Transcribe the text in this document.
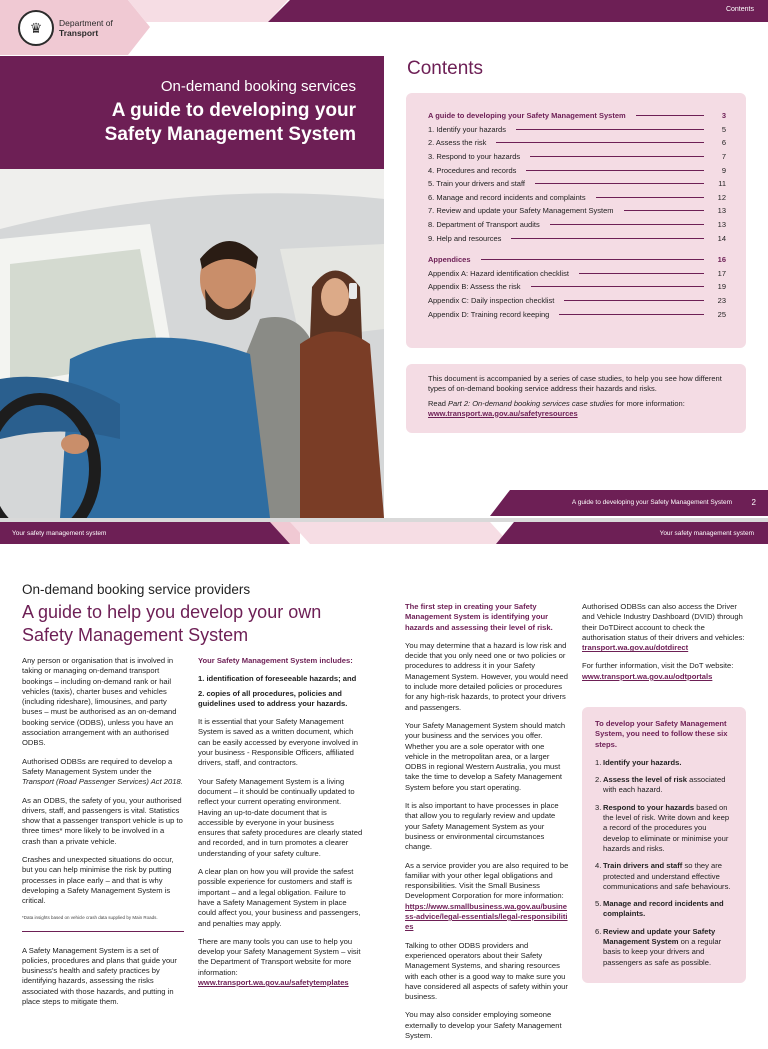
Contents
♛	Department of
Transport
On-demand booking services
A guide to developing your
Safety Management System
Contents
A guide to developing your Safety Management System	3
1. Identify your hazards	5
2. Assess the risk	6
3. Respond to your hazards	7
4. Procedures and records	9
5. Train your drivers and staff	11
6. Manage and record incidents and complaints	12
7. Review and update your Safety Management System	13
8. Department of Transport audits	13
9. Help and resources	14
Appendices	16
Appendix A: Hazard identification checklist	17
Appendix B: Assess the risk	19
Appendix C: Daily inspection checklist	23
Appendix D: Training record keeping	25

This document is accompanied by a series of case studies, to help you see how different types of on-demand booking service address their hazards and risks.

Read Part 2: On-demand booking services case studies for more information:
www.transport.wa.gov.au/safetyresources

A guide to developing your Safety Management System 2
Your safety management system	Your safety management system
On-demand booking service providers
A guide to help you develop your own Safety Management System

Any person or organisation that is involved in taking or managing on-demand transport bookings – including on-demand rank or hail vehicles (taxis), charter buses and vehicles (including rideshare), limousines, and party buses – must be authorised as an on-demand booking service (ODBS), unless you have an association arrangement with an authorised ODBS.

Authorised ODBSs are required to develop a Safety Management System under the Transport (Road Passenger Services) Act 2018.

As an ODBS, the safety of you, your authorised drivers, staff, and passengers is vital. Statistics show that a passenger transport vehicle is up to three times* more likely to be involved in a crash than a private vehicle.

Crashes and unexpected situations do occur, but you can help minimise the risk by putting processes in place early – and that is why developing a Safety Management System is critical.

*Data insights based on vehicle crash data supplied by Main Roads.

A Safety Management System is a set of policies, procedures and plans that guide your business's health and safety practices by identifying hazards, assessing the risks associated with those hazards, and putting in place steps to mitigate them.

Your Safety Management System includes:

1. identification of foreseeable hazards; and
2. copies of all procedures, policies and guidelines used to address your hazards.

It is essential that your Safety Management System is saved as a written document, which can be easily accessed by everyone involved in your business - Responsible Officers, affiliated drivers, staff, and contractors.

Your Safety Management System is a living document – it should be continually updated to reflect your current operating environment. Having an up-to-date document that is accessible by everyone in your business ensures that safety procedures are clearly stated and recorded, and in turn promotes a clearer understanding of your safety culture.

A clear plan on how you will provide the safest possible experience for customers and staff is important – and a legal obligation. Failure to have a Safety Management System in place could affect you, your business and passengers, and penalties may apply.

There are many tools you can use to help you develop your Safety Management System – visit the Department of Transport website for more information:
www.transport.wa.gov.au/safetytemplates

The first step in creating your Safety Management System is identifying your hazards and assessing their level of risk.

You may determine that a hazard is low risk and decide that you only need one or two policies or procedures to address it in your Safety Management System. However, you would need to include more detailed policies or procedures for any high-risk hazards, to protect your drivers and passengers.

Your Safety Management System should match your business and the services you offer. Whether you are a sole operator with one vehicle in the metropolitan area, or a larger ODBS in regional Western Australia, you must take the time to develop a Safety Management System before you start operating.

It is also important to have processes in place that allow you to regularly review and update your Safety Management System as your business or environmental circumstances change.

As a service provider you are also required to be familiar with your other legal obligations and responsibilities. Visit the Small Business Development Corporation for more information:
https://www.smallbusiness.wa.gov.au/business-advice/legal-essentials/legal-responsibilities

Talking to other ODBS providers and experienced operators about their Safety Management Systems, and sharing resources with each other is a good way to make sure you have considered all aspects of safety within your business.

You may also consider employing someone externally to develop your Safety Management System.

Authorised ODBSs can also access the Driver and Vehicle Industry Dashboard (DVID) through their DoTDirect account to check the authorisation status of their drivers and vehicles:
transport.wa.gov.au/dotdirect

For further information, visit the DoT website:
www.transport.wa.gov.au/odtportals

To develop your Safety Management System, you need to follow these six steps.
1. Identify your hazards.
2. Assess the level of risk associated with each hazard.
3. Respond to your hazards based on the level of risk. Write down and keep a record of the procedures you develop to eliminate or minimise your hazards and risks.
4. Train drivers and staff so they are protected and understand effective communications and safe behaviours.
5. Manage and record incidents and complaints.
6. Review and update your Safety Management System on a regular basis to keep your drivers and passengers as safe as possible.
